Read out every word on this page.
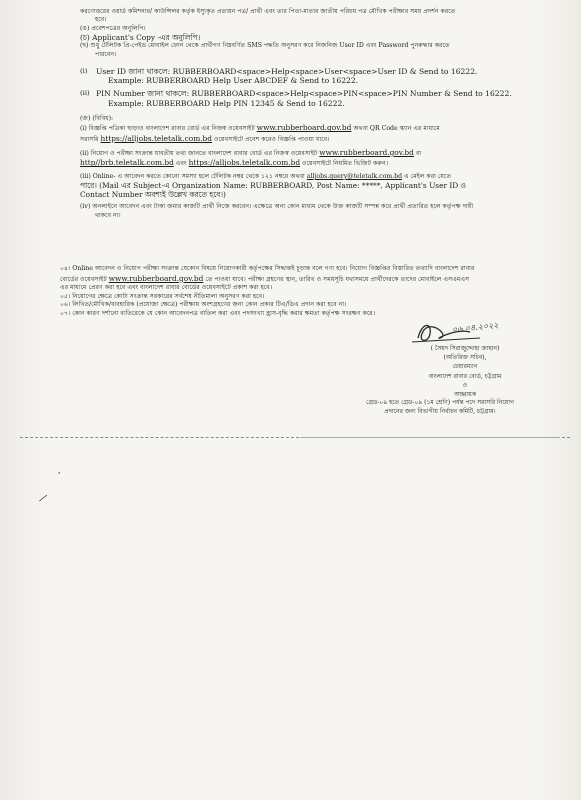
করণোত্তরের ওয়ার্ড কমিশনার/ কাউন্সিলর কর্তৃক ইস্যুকৃত প্রত্যয়ন পত্র/ প্রার্থী এবং তার পিতা-মাতার জাতীয় পরিচয় পত্র মৌখিক পরীক্ষার সময় প্রদর্শন করতে

হবে।

(ঙ) প্রবেশপত্রের অনুলিপি।

(চ) Applicant's Copy -এর অনুলিপি।

(ছ) শুধু টেলিটক প্রি-পেইড মোবাইল ফোন থেকে প্রার্থীগণ নিম্নবর্ণিত SMS পদ্ধতি অনুসরণ করে নিজনিজ User ID এবং Password পুনরুদ্ধার করতে

পারবেন।

(i)	User ID জানা থাকলে: RUBBERBOARD<space>Help<space>User<space>User ID & Send to 16222.
Example: RUBBERBOARD Help User ABCDEF & Send to 16222.
(ii) PIN Number জানা থাকলে: RUBBERBOARD<space>Help<space>PIN<space>PIN Number & Send to 16222.
Example: RUBBERBOARD Help PIN 12345 & Send to 16222.

(জ) (বিবিধ):

(i) বিজ্ঞপ্তি পত্রিকা ছাড়াও বাংলাদেশ রাবার বোর্ড এর নিজস্ব ওয়েবসাইট www.rubberboard.gov.bd অথবা QR Code স্ক্যান এর মাধ্যমে

সরাসরি https://alljobs.teletalk.com.bd ওয়েবসাইটে প্রবেশ করেও বিজ্ঞপ্তি পাওয়া যাবে।

(ii) নিয়োগ ও পরীক্ষা সংক্রান্ত যাবতীয় তথ্য জানতে বাংলাদেশ রাবার বোর্ড এর নিজস্ব ওয়েবসাইট www.rubberboard.gov.bd বা

http//brb.teletalk.com.bd এবং https://alljobs.teletalk.com.bd ওয়েবসাইটে নিয়মিত ভিজিট করুন।

(iii) Online- এ আবেদন করতে কোনো সমস্যা হলে টেলিটক নম্বর থেকে ১২১ নম্বরে অথবা alljobs.query@teletalk.com.bd এ মেইল করা যেতে

পারে। (Mail এর Subject-এ Organization Name: RUBBERBOARD, Post Name: *****, Applicant's User ID ও

Contact Number অবশ্যই উল্লেখ করতে হবে।)

(iv) অনলাইনে আবেদন এবং টাকা জমার কাজটি প্রার্থী নিজে করবেন। এক্ষেত্রে অন্য কোন মাধ্যম থেকে উক্ত কাজটি সম্পন্ন করে প্রার্থী প্রতারিত হলে কর্তৃপক্ষ দায়ী

থাকবে না।

০৪। Online আবেদন ও নিয়োগ পরীক্ষা সংক্রান্ত যেকোন বিষয়ে নিয়োগকারী কর্তৃপক্ষের সিদ্ধান্তই চূড়ান্ত বলে গণ্য হবে। নিয়োগ বিজ্ঞপ্তির বিস্তারিত তথ্যাদি বাংলাদেশ রাবার

বোর্ডের ওয়েবসাইট www.rubberboard.gov.bd তে পাওয়া যাবে। পরীক্ষা গ্রহণের স্থান, তারিখ ও সময়সূচি যথাসময়ে প্রার্থীদেরকে তাদের মোবাইলে এসএমএস

এর মাধ্যমে প্রেরণ করা হবে এবং বাংলাদেশ রাবার বোর্ডের ওয়েবসাইটে প্রকাশ করা হবে।

০৫। নিয়োগের ক্ষেত্রে কোটা সংক্রান্ত সরকারের সর্বশেষ নীতিমালা অনুসরণ করা হবে।

০৬। লিখিত/মৌখিক/ব্যবহারিক (প্রযোজ্য ক্ষেত্রে) পরীক্ষায় অংশগ্রহণের জন্য কোন প্রকার টিএ/ডিএ প্রদান করা হবে না।

০৭। কোন কারণ দর্শানো ব্যতিরেকে যে কোন আবেদনপত্র বাতিল করা এবং পদসংখ্যা হ্রাস-বৃদ্ধি করার ক্ষমতা কর্তৃপক্ষ সংরক্ষণ করে।

০৬.০৪.২০২২
( সৈয়দ সিরাজুদ্দোহা জাহান)
(অতিরিক্ত সচিব),
চেয়ারম্যান
বাংলাদেশ রাবার বোর্ড, চট্টগ্রাম
ও
আহ্বায়ক
গ্রেড-০৯ হতে গ্রেড-০৯ (১ম শ্রেণি) পর্যন্ত পদে সরাসরি নিয়োগ
প্রদানের জন্য বিভাগীয় নির্বাচন কমিটি, চট্টগ্রাম।
′
⁄
